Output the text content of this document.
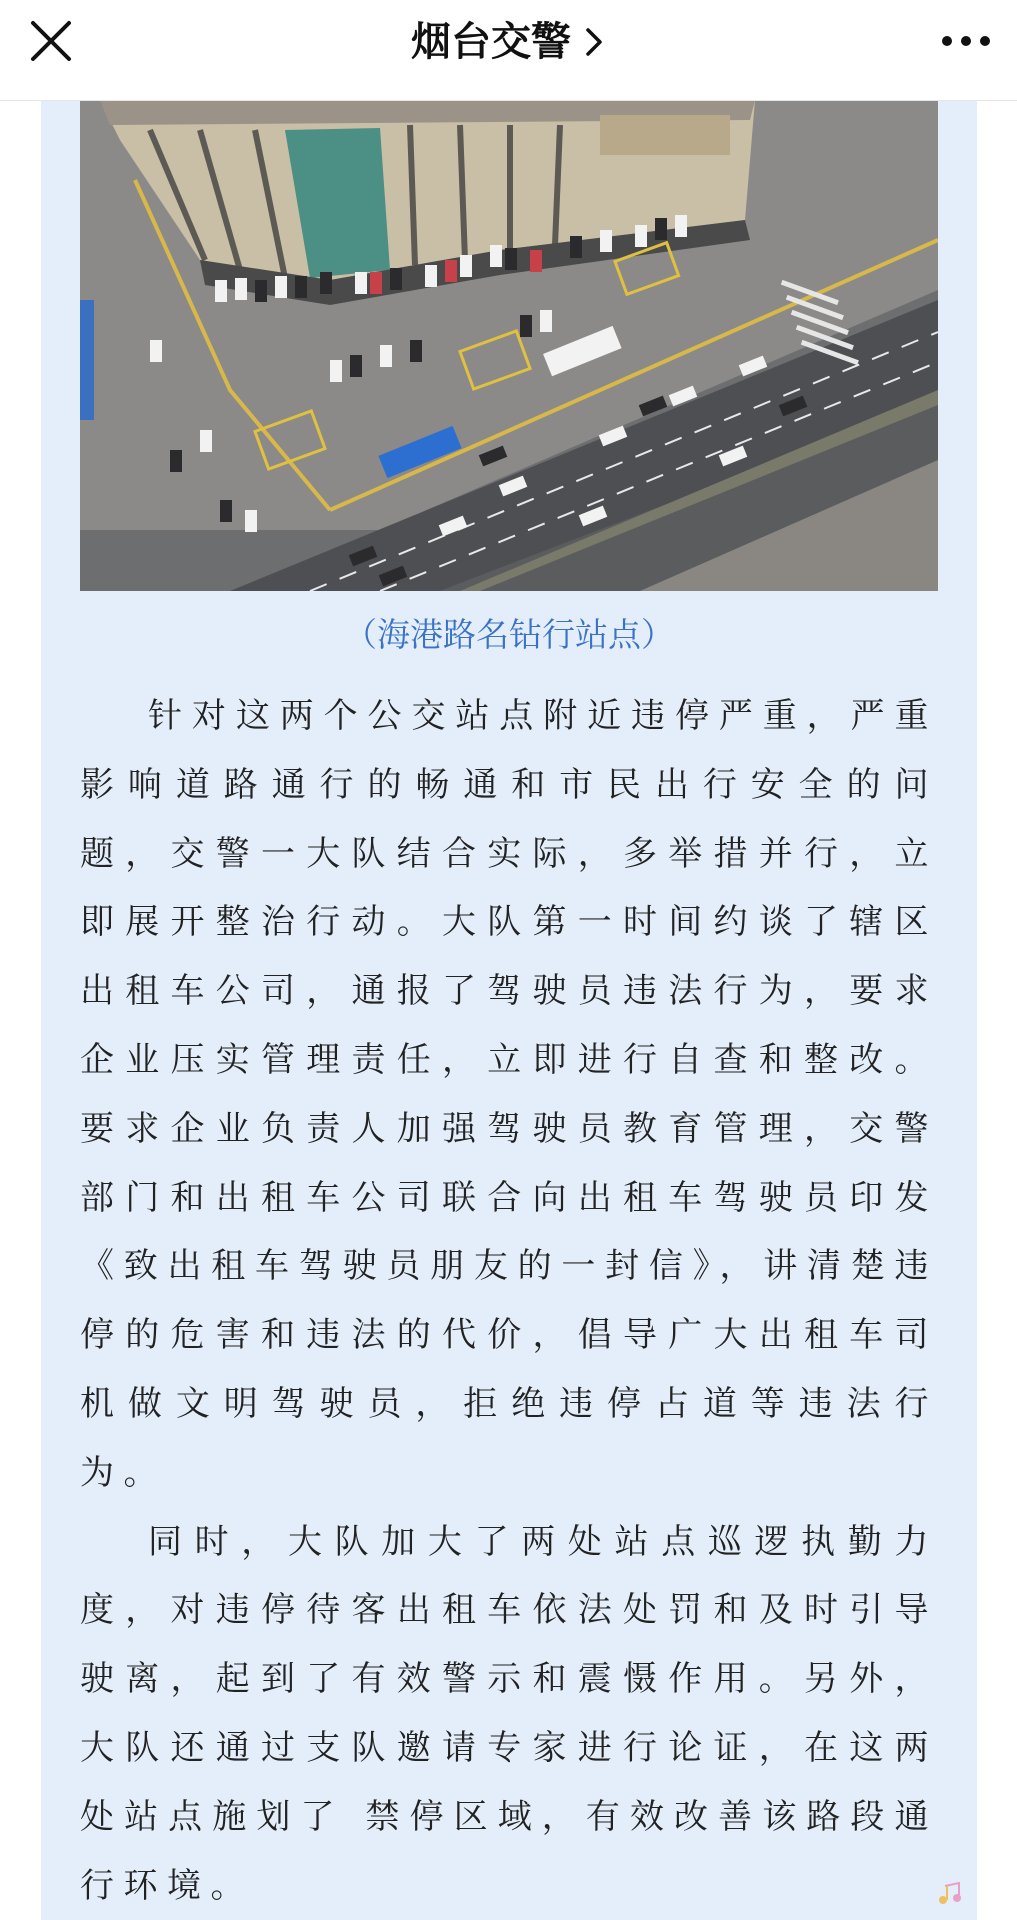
烟台交警
（海港路名钻行站点）

针对这两个公交站点附近违停严重，严重影响道路通行的畅通和市民出行安全的问题，交警一大队结合实际，多举措并行，立即展开整治行动。大队第一时间约谈了辖区出租车公司，通报了驾驶员违法行为，要求企业压实管理责任，立即进行自查和整改。要求企业负责人加强驾驶员教育管理，交警部门和出租车公司联合向出租车驾驶员印发《致出租车驾驶员朋友的一封信》，讲清楚违停的危害和违法的代价，倡导广大出租车司机做文明驾驶员，拒绝违停占道等违法行为。

同时，大队加大了两处站点巡逻执勤力度，对违停待客出租车依法处罚和及时引导驶离，起到了有效警示和震慑作用。另外，大队还通过支队邀请专家进行论证，在这两处站点施划了 禁停区域，有效改善该路段通行环境。
